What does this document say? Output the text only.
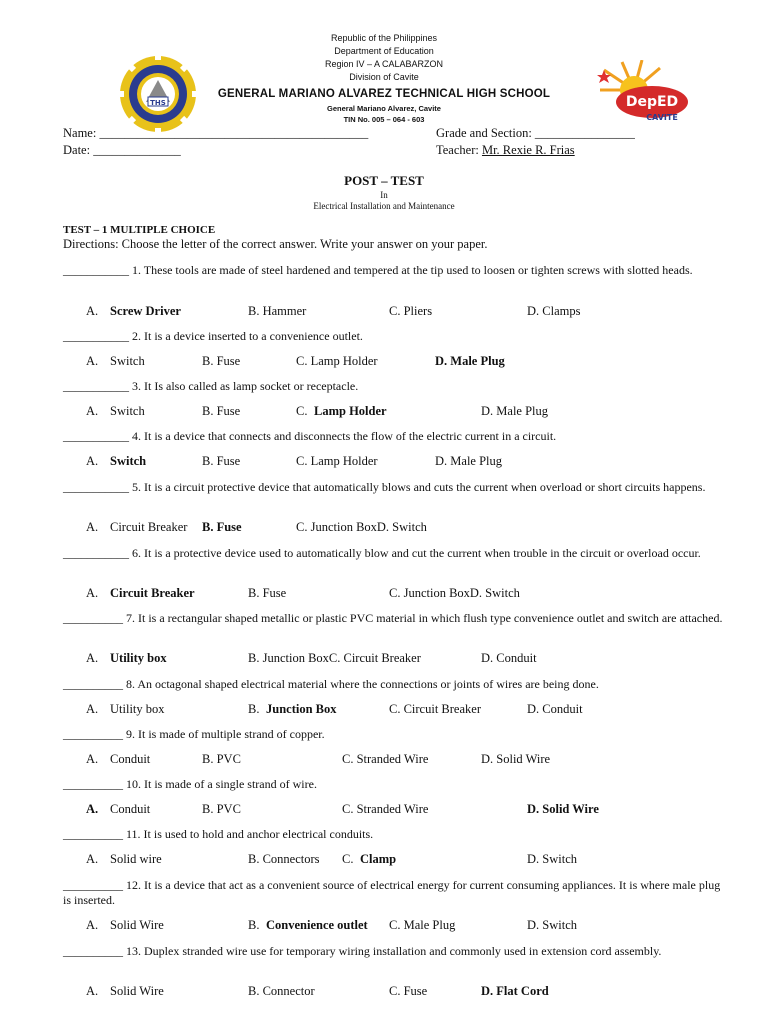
Republic of the Philippines
Department of Education
Region IV – A CALABARZON
Division of Cavite
GENERAL MARIANO ALVAREZ TECHNICAL HIGH SCHOOL
General Mariano Alvarez, Cavite
TIN No. 005 – 064 - 603
THS	DepED
CAVITE
Name: ___________________________________________
Date: ______________
Grade and Section: ________________
Teacher: Mr. Rexie R. Frias
POST – TEST
In
Electrical Installation and Maintenance
TEST – 1 MULTIPLE CHOICE
Directions: Choose the letter of the correct answer. Write your answer on your paper.
___________ 1. These tools are made of steel hardened and tempered at the tip used to loosen or tighten screws with slotted heads.
A. Screw Driver	B. Hammer	C. Pliers	D. Clamps
___________ 2. It is a device inserted to a convenience outlet.
A. Switch	B. Fuse	C. Lamp Holder	D. Male Plug
___________ 3. It Is also called as lamp socket or receptacle.
A. Switch	B. Fuse	C. Lamp Holder	D. Male Plug
___________ 4. It is a device that connects and disconnects the flow of the electric current in a circuit.
A. Switch	B. Fuse	C. Lamp Holder	D. Male Plug
___________ 5. It is a circuit protective device that automatically blows and cuts the current when overload or short circuits happens.
A. Circuit Breaker B. Fuse	C. Junction BoxD. Switch
___________ 6. It is a protective device used to automatically blow and cut the current when trouble in the circuit or overload occur.
A. Circuit Breaker	B. Fuse	C. Junction BoxD. Switch
__________ 7. It is a rectangular shaped metallic or plastic PVC material in which flush type convenience outlet and switch are attached.
A. Utility box	B. Junction BoxC. Circuit Breaker	D. Conduit
__________ 8. An octagonal shaped electrical material where the connections or joints of wires are being done.
A. Utility box	B. Junction Box	C. Circuit Breaker	D. Conduit
__________ 9. It is made of multiple strand of copper.
A. Conduit	B. PVC	C. Stranded Wire	D. Solid Wire
__________ 10. It is made of a single strand of wire.
A. Conduit	B. PVC	C. Stranded Wire	D. Solid Wire
__________ 11. It is used to hold and anchor electrical conduits.
A. Solid wire	B. Connectors C. Clamp	D. Switch
__________ 12. It is a device that act as a convenient source of electrical energy for current consuming appliances. It is where male plug is inserted.
A. Solid Wire	B. Convenience outlet C. Male Plug	D. Switch
__________ 13. Duplex stranded wire use for temporary wiring installation and commonly used in extension cord assembly.
A. Solid Wire	B. Connector	C. Fuse	D. Flat Cord
